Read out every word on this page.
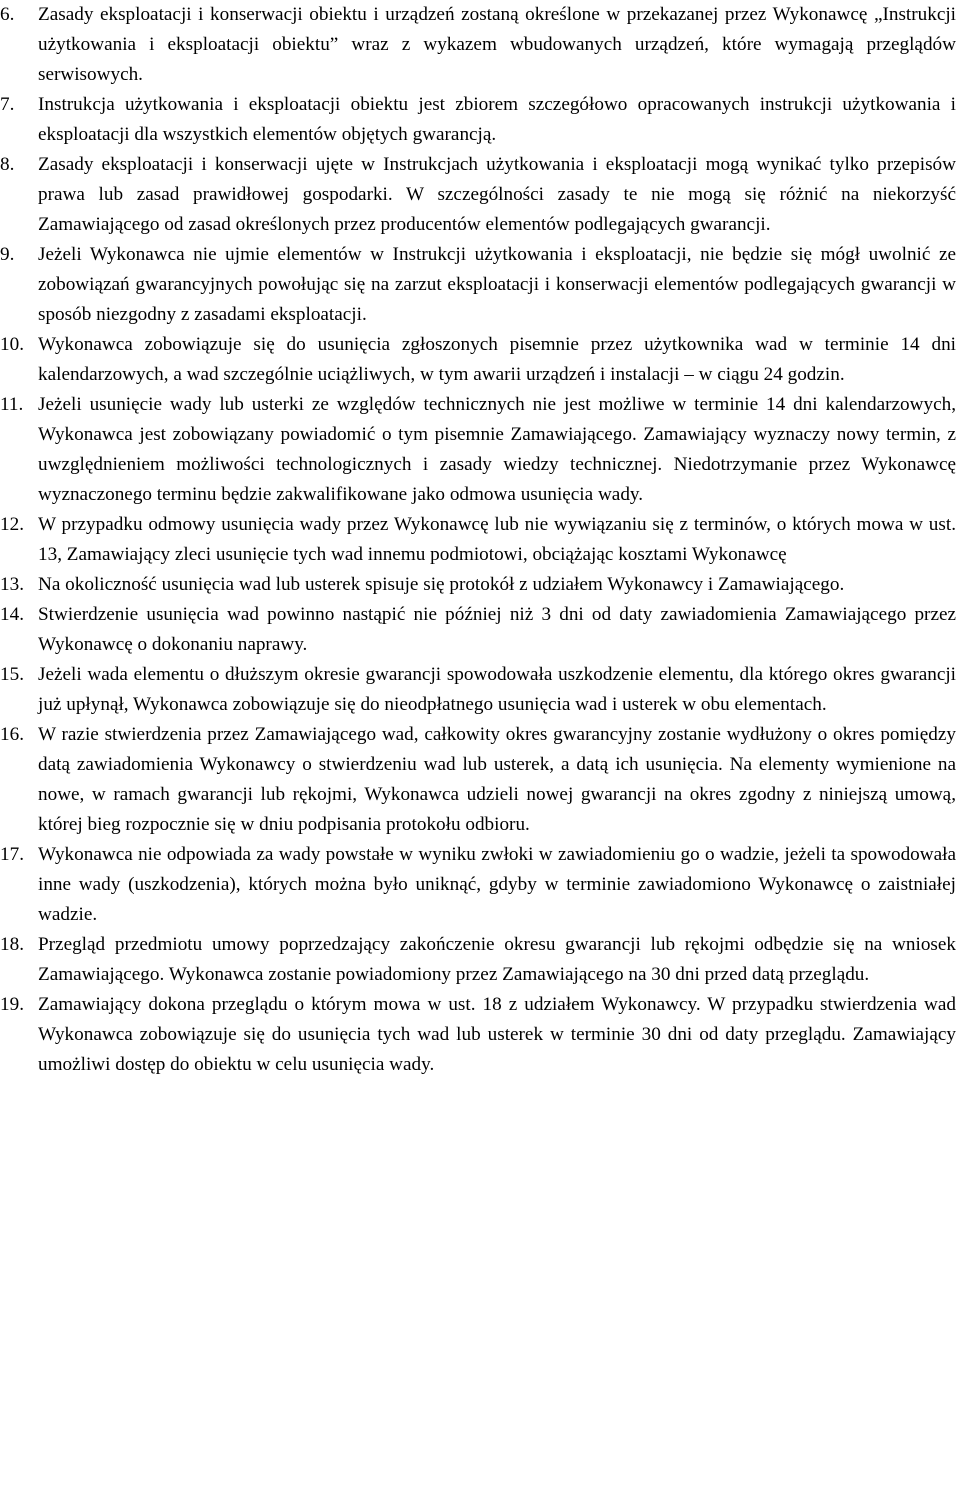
6.	Zasady eksploatacji i konserwacji obiektu i urządzeń zostaną określone w przekazanej przez Wykonawcę „Instrukcji użytkowania i eksploatacji obiektu” wraz z wykazem wbudowanych urządzeń, które wymagają przeglądów serwisowych.
7.	Instrukcja użytkowania i eksploatacji obiektu jest zbiorem szczegółowo opracowanych instrukcji użytkowania i eksploatacji dla wszystkich elementów objętych gwarancją.
8.	Zasady eksploatacji i konserwacji ujęte w Instrukcjach użytkowania i eksploatacji mogą wynikać tylko przepisów prawa lub zasad prawidłowej gospodarki. W szczególności zasady te nie mogą się różnić na niekorzyść Zamawiającego od zasad określonych przez producentów elementów podlegających gwarancji.
9.	Jeżeli Wykonawca nie ujmie elementów w Instrukcji użytkowania i eksploatacji, nie będzie się mógł uwolnić ze zobowiązań gwarancyjnych powołując się na zarzut eksploatacji i konserwacji elementów podlegających gwarancji w sposób niezgodny z zasadami eksploatacji.
10. Wykonawca zobowiązuje się do usunięcia zgłoszonych pisemnie przez użytkownika wad w terminie 14 dni kalendarzowych, a wad szczególnie uciążliwych, w tym awarii urządzeń i instalacji – w ciągu 24 godzin.
11. Jeżeli usunięcie wady lub usterki ze względów technicznych nie jest możliwe w terminie 14 dni kalendarzowych, Wykonawca jest zobowiązany powiadomić o tym pisemnie Zamawiającego. Zamawiający wyznaczy nowy termin, z uwzględnieniem możliwości technologicznych i zasady wiedzy technicznej. Niedotrzymanie przez Wykonawcę wyznaczonego terminu będzie zakwalifikowane jako odmowa usunięcia wady.
12. W przypadku odmowy usunięcia wady przez Wykonawcę lub nie wywiązaniu się z terminów, o których mowa w ust. 13, Zamawiający zleci usunięcie tych wad innemu podmiotowi, obciążając kosztami Wykonawcę
13. Na okoliczność usunięcia wad lub usterek spisuje się protokół z udziałem Wykonawcy i Zamawiającego.
14. Stwierdzenie usunięcia wad powinno nastąpić nie później niż 3 dni od daty zawiadomienia Zamawiającego przez Wykonawcę o dokonaniu naprawy.
15. Jeżeli wada elementu o dłuższym okresie gwarancji spowodowała uszkodzenie elementu, dla którego okres gwarancji już upłynął, Wykonawca zobowiązuje się do nieodpłatnego usunięcia wad i usterek w obu elementach.
16. W razie stwierdzenia przez Zamawiającego wad, całkowity okres gwarancyjny zostanie wydłużony o okres pomiędzy datą zawiadomienia Wykonawcy o stwierdzeniu wad lub usterek, a datą ich usunięcia. Na elementy wymienione na nowe, w ramach gwarancji lub rękojmi, Wykonawca udzieli nowej gwarancji na okres zgodny z niniejszą umową, której bieg rozpocznie się w dniu podpisania protokołu odbioru.
17. Wykonawca nie odpowiada za wady powstałe w wyniku zwłoki w zawiadomieniu go o wadzie, jeżeli ta spowodowała inne wady (uszkodzenia), których można było uniknąć, gdyby w terminie zawiadomiono Wykonawcę o zaistniałej wadzie.
18. Przegląd przedmiotu umowy poprzedzający zakończenie okresu gwarancji lub rękojmi odbędzie się na wniosek Zamawiającego. Wykonawca zostanie powiadomiony przez Zamawiającego na 30 dni przed datą przeglądu.
19. Zamawiający dokona przeglądu o którym mowa w ust. 18 z udziałem Wykonawcy. W przypadku stwierdzenia wad Wykonawca zobowiązuje się do usunięcia tych wad lub usterek w terminie 30 dni od daty przeglądu. Zamawiający umożliwi dostęp do obiektu w celu usunięcia wady.
